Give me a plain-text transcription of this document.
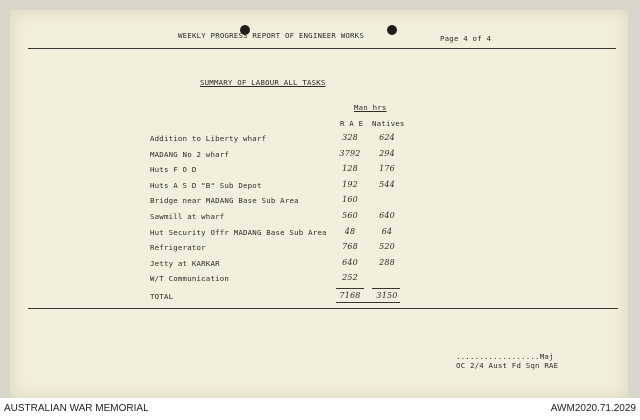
WEEKLY PROGRESS REPORT OF ENGINEER WORKS	Page 4 of 4
SUMMARY OF LABOUR ALL TASKS
Man hrs
R A E Natives
Addition to Liberty wharf	328	624
MADANG No 2 wharf	3792	294
Huts F O D	128	176
Huts A S D "B" Sub Depot	192	544
Bridge near MADANG Base Sub Area	160
Sawmill at wharf	560	640
Hut Security Offr MADANG Base Sub Area	48	64
Refrigerator	768	520
Jetty at KARKAR	640	288
W/T Communication	252
TOTAL	7168	3150
..................Maj
OC 2/4 Aust Fd Sqn RAE
AUSTRALIAN WAR MEMORIAL	AWM2020.71.2029
